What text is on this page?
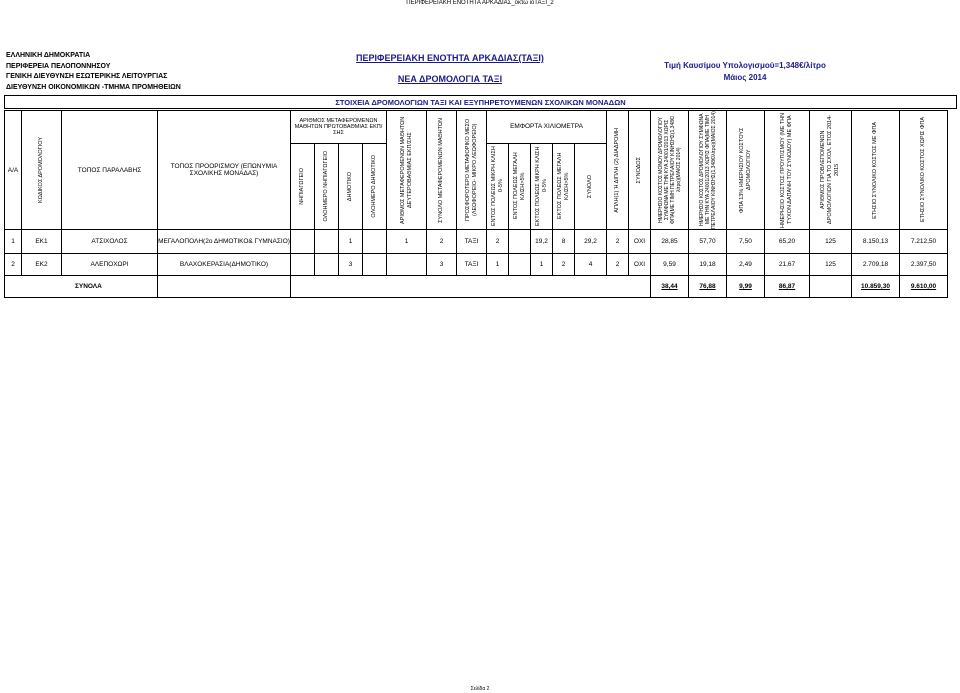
ΠΕΡΙΦΕΡΕΙΑΚΗ ΕΝΟΤΗΤΑ ΑΡΚΑΔΙΑΣ_οκτω ιοΤΑΞΙ_2
ΕΛΛΗΝΙΚΗ ΔΗΜΟΚΡΑΤΙΑ
ΠΕΡΙΦΕΡΕΙΑ ΠΕΛΟΠΟΝΝΗΣΟΥ
ΓΕΝΙΚΗ ΔΙΕΥΘΥΝΣΗ ΕΣΩΤΕΡΙΚΗΣ ΛΕΙΤΟΥΡΓΙΑΣ
ΔΙΕΥΘΥΝΣΗ ΟΙΚΟΝΟΜΙΚΩΝ -ΤΜΗΜΑ ΠΡΟΜΗΘΕΙΩΝ
ΠΕΡΙΦΕΡΕΙΑΚΗ ΕΝΟΤΗΤΑ ΑΡΚΑΔΙΑΣ(ΤΑΞΙ)
ΝΕΑ ΔΡΟΜΟΛΟΓΙΑ ΤΑΞΙ
Τιμή Καυσίμου Υπολογισμού=1,348€/λίτρο
Μάιος 2014
ΣΤΟΙΧΕΙΑ ΔΡΟΜΟΛΟΓΙΩΝ ΤΑΞΙ ΚΑΙ ΕΞΥΠΗΡΕΤΟΥΜΕΝΩΝ ΣΧΟΛΙΚΩΝ ΜΟΝΑΔΩΝ
Α/Α	ΚΩΔΙΚΟΣ ΔΡΟΜΟΛΟΓΙΟΥ	ΤΟΠΟΣ ΠΑΡΑΛΑΒΗΣ	ΤΟΠΟΣ ΠΡΟΟΡΙΣΜΟΥ (ΕΠΩΝΥΜΙΑ ΣΧΟΛΙΚΗΣ ΜΟΝΑΔΑΣ)	ΑΡΙΘΜΟΣ ΜΕΤΑΦΕΡΟΜΕΝΩΝ ΜΑΘΗΤΩΝ ΠΡΩΤΟΒΑΘΜΙΑΣ ΕΚΠ/ΣΗΣ				ΑΡΙΘΜΟΣ ΜΕΤΑΦΕΡΟΜΕΝΩΝ ΜΑΘΗΤΩΝ ΔΕΥΤΕΡΟΒΑΘΜΙΑΣ ΕΚΠ/ΣΗΣ	ΣΥΝΟΛΟ ΜΕΤΑΦΕΡΟΜΕΝΩΝ ΜΑΘΗΤΩΝ	ΠΡΟΣΦΟΡΟΤΕΡΟ ΜΕΤΑΦΟΡΙΚΟ ΜΕΣΟ (ΛΕΩΦΟΡΕΙΟ- ΜΙΚΡΟ ΛΕΩΦΟΡΕΙΟ)	ΕΜΦΟΡΤΑ ΧΙΛΙΟΜΕΤΡΑ					ΑΠΛΗ(1) Ή ΔΙΠΛΗ (2) ΔΙΑΔΡΟΜΗ	ΣΥΝΟΔΟΣ	ΗΜΕΡΗΣΙΟ ΚΟΣΤΟΣ ΜΟΝΟΥ ΔΡΟΜΟΛΟΓΙΟΥ ΣΥΜΦΩΝΑ ΜΕ ΤΗΝ ΚΥΑ 24001/2013 ΧΩΡΙΣ ΦΠΑ(ΜΕ ΤΙΜΗ ΠΕΤΡΕΛΑΙΟΥ ΚΙΝΗΣΗΣ(1,348€/λίτρο)(ΜΑΙΟΣ 2014)	ΗΜΕΡΗΣΙΟ ΚΟΣΤΟΣ ΔΡΟΜΟΛΟΓΙΟΥ ΣΥΜΦΩΝΑ ΜΕ ΤΗΝ ΚΥΑ 24001/2013 ΧΩΡΙΣ ΦΠΑ(ΜΕ ΤΙΜΗ ΠΕΤΡΕΛΑΙΟΥ ΚΙΝΗΣΗΣ(1,348€/λίτρο)(ΜΑΙΟΣ 2014)	ΦΠΑ 13% ΗΜΕΡΗΣΙΟΥ ΚΟΣΤΟΥΣ ΔΡΟΜΟΛΟΓΙΟΥ	ΗΜΕΡΗΣΙΟ ΚΟΣΤΟΣ ΠΡΟΥΠ/ΣΜΟΥ (ΜΕ ΤΗΝ ΤΥΧΟΝ ΔΑΠΑΝΗ ΤΟΥ ΣΥΝΟΔΟΥ) ΜΕ ΦΠΑ	ΑΡΙΘΜΟΣ ΠΡΟΒΛΕΠΟΜΕΝΩΝ ΔΡΟΜΟΛΟΓΙΩΝ ΓΙΑ ΤΟ ΣΧΟΛ. ΕΤΟΣ 2014-2015	ΕΤΗΣΙΟ ΣΥΝΟΛΙΚΟ ΚΟΣΤΟΣ ΜΕ ΦΠΑ	ΕΤΗΣΙΟ ΣΥΝΟΛΙΚΟ ΚΟΣΤΟΣ ΧΩΡΙΣ ΦΠΑ

				ΝΗΠΙΑΓΩΓΕΙΟ	ΟΛΟΗΜΕΡΟ ΝΗΠΙΑΓΩΓΕΙΟ	ΔΗΜΟΤΙΚΟ	ΟΛΟΗΜΕΡΟ ΔΗΜΟΤΙΚΟ				ΕΝΤΟΣ ΠΟΛΕΩΣ ΜΙΚΡΗ ΚΛΙΣΗ 0-5%	ΕΝΤΟΣ ΠΟΛΕΩΣ ΜΕΓΑΛΗ ΚΛΙΣΗ>5%	ΕΚΤΟΣ ΠΟΛΕΩΣ ΜΙΚΡΗ ΚΛΙΣΗ 0-5%	ΕΚΤΟΣ ΠΟΛΕΩΣ ΜΕΓΑΛΗ ΚΛΙΣΗ>5%	ΣΥΝΟΛΟ									

1	ΕΚ1	ΑΤΣΙΧΟΛΟΣ	ΜΕΓΑΛΟΠΟΛΗ(2ο ΔΗΜΟΤΙΚΟ& ΓΥΜΝΑΣΙΟ)			1		1	2	ΤΑΞΙ	2		19,2	8	29,2	2	ΟΧΙ	28,85	57,70	7,50	65,20	125	8.150,13	7.212,50
2	ΕΚ2	ΑΛΕΠΟΧΩΡΙ	ΒΛΑΧΟΚΕΡΑΣΙΑ(ΔΗΜΟΤΙΚΟ)			3			3	ΤΑΞΙ	1		1	2	4	2	ΟΧΙ	9,59	19,18	2,49	21,67	125	2.709,18	2.397,50
ΣΥΝΟΛΑ																		38,44	76,88	9,99	86,87		10.859,30	9.610,00
Σελίδα 2
